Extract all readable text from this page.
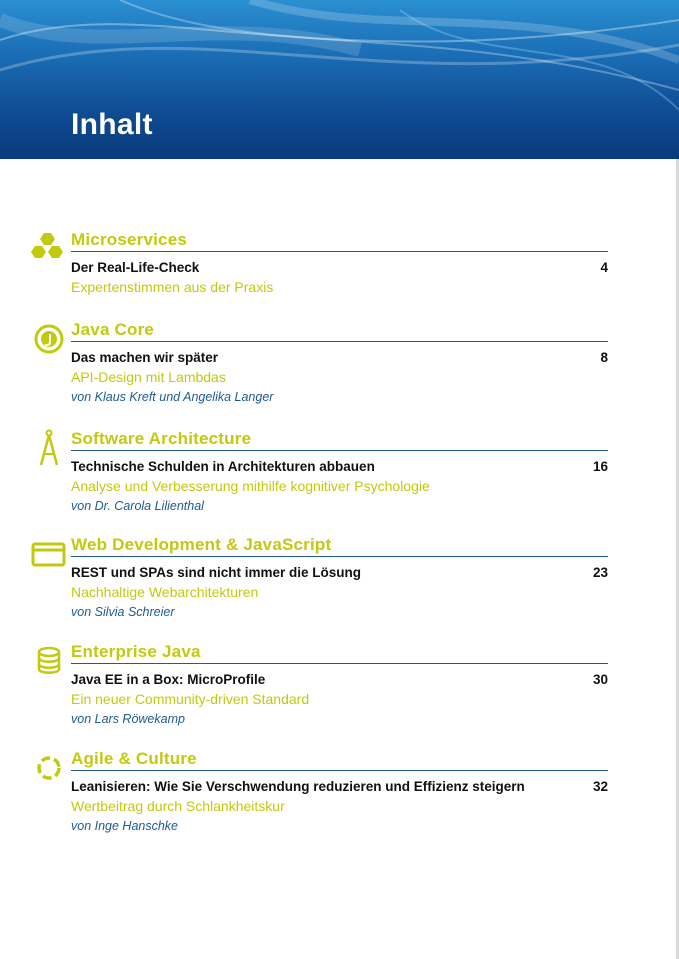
Inhalt
Microservices
Der Real-Life-Check	4
Expertenstimmen aus der Praxis
Java Core
Das machen wir später	8
API-Design mit Lambdas
von Klaus Kreft und Angelika Langer
Software Architecture
Technische Schulden in Architekturen abbauen	16
Analyse und Verbesserung mithilfe kognitiver Psychologie
von Dr. Carola Lilienthal
Web Development & JavaScript
REST und SPAs sind nicht immer die Lösung	23
Nachhaltige Webarchitekturen
von Silvia Schreier
Enterprise Java
Java EE in a Box: MicroProfile	30
Ein neuer Community-driven Standard
von Lars Röwekamp
Agile & Culture
Leanisieren: Wie Sie Verschwendung reduzieren und Effizienz steigern	32
Wertbeitrag durch Schlankheitskur
von Inge Hanschke
